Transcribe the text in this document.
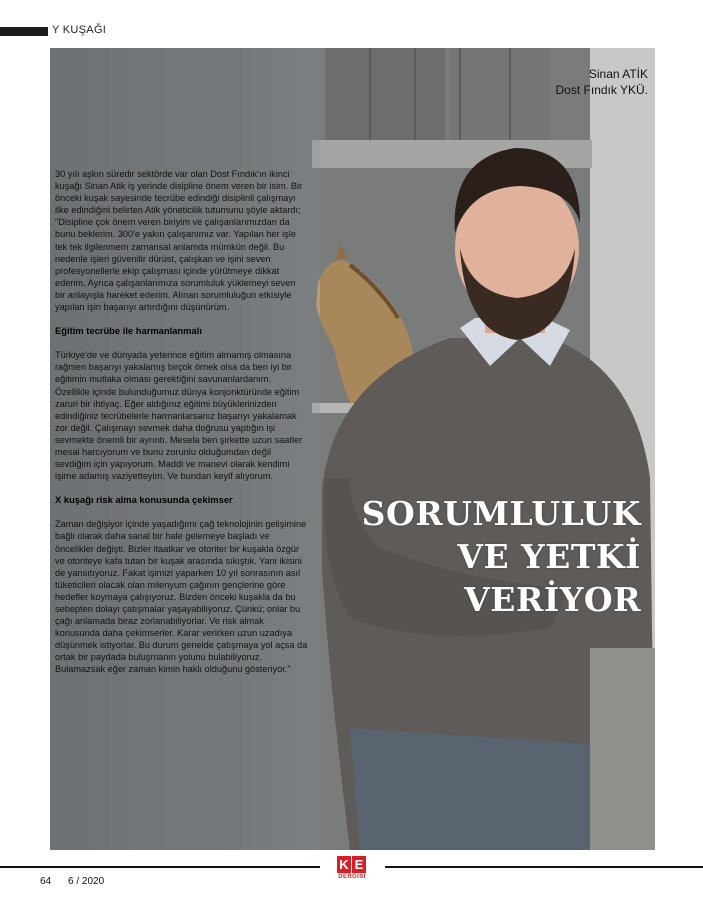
Y KUŞAĞI
Sinan ATİK
Dost Fındık YKÜ.

30 yılı aşkın süredir sektörde var olan Dost Fındık'ın ikinci kuşağı Sinan Atik iş yerinde disipline önem veren bir isim. Bir önceki kuşak sayesinde tecrübe edindiği disiplinli çalışmayı ilke edindiğini belirten Atik yöneticilik tutumunu şöyle aktardı; "Disipline çok önem veren biriyim ve çalışanlarımızdan da bunu beklerim. 300'e yakın çalışanımız var. Yapılan her işle tek tek ilgilenmem zamansal anlamda mümkün değil. Bu nedenle işleri güvenilir dürüst, çalışkan ve işini seven profesyonellerle ekip çalışması içinde yürütmeye dikkat ederim. Ayrıca çalışanlarımıza sorumluluk yüklemeyi seven bir anlayışla hareket ederim. Alınan sorumluluğun etkisiyle yapılan işin başarıyı artırdığını düşünürüm.

Eğitim tecrübe ile harmanlanmalı

Türkiye'de ve dünyada yeterince eğitim almamış olmasına rağmen başarıyı yakalamış birçok örnek olsa da ben iyi bir eğitimin mutlaka olması gerektiğini savunanlardanım. Özellikle içinde bulunduğumuz dünya konjonktüründe eğitim zaruri bir ihtiyaç. Eğer aldığınız eğitimi büyüklerinizden edindiğiniz tecrübelerle harmanlarsanız başarıyı yakalamak zor değil. Çalışmayı sevmek daha doğrusu yaptığın işi sevmekte önemli bir ayrıntı. Mesela ben şirkette uzun saatler mesai harcıyorum ve bunu zorunlu olduğumdan değil sevdiğim için yapıyorum. Maddi ve manevi olarak kendimi işime adamış vaziyetteyim. Ve bundan keyif alıyorum.

X kuşağı risk alma konusunda çekimser

Zaman değişiyor içinde yaşadığımı çağ teknolojinin gelişimine bağlı olarak daha sanal bir hale gelemeye başladı ve öncelikler değişti. Bizler itaatkar ve otoriter bir kuşakla özgür ve otoriteye kafa tutan bir kuşak arasında sıkıştık. Yani ikisini de yansıtıyoruz. Fakat işimizi yaparken 10 yıl sonrasının asıl tüketicileri olacak olan milenyum çağının gençlerine göre hedefler koymaya çalışıyoruz. Bizden önceki kuşakla da bu sebepten dolayı çatışmalar yaşayabiliyoruz. Çünkü; onlar bu çağı anlamada biraz zorlanabiliyorlar. Ve risk almak konusunda daha çekimserler. Karar verirken uzun uzadıya düşünmek istiyorlar. Bu durum genelde çatışmaya yol açsa da ortak bir paydada buluşmanın yolunu bulabiliyoruz. Bulamazsak eğer zaman kimin haklı olduğunu gösteriyor."

SORUMLULUK
VE YETKİ
VERİYOR
64 6 / 2020
K E
DERGİSİ
